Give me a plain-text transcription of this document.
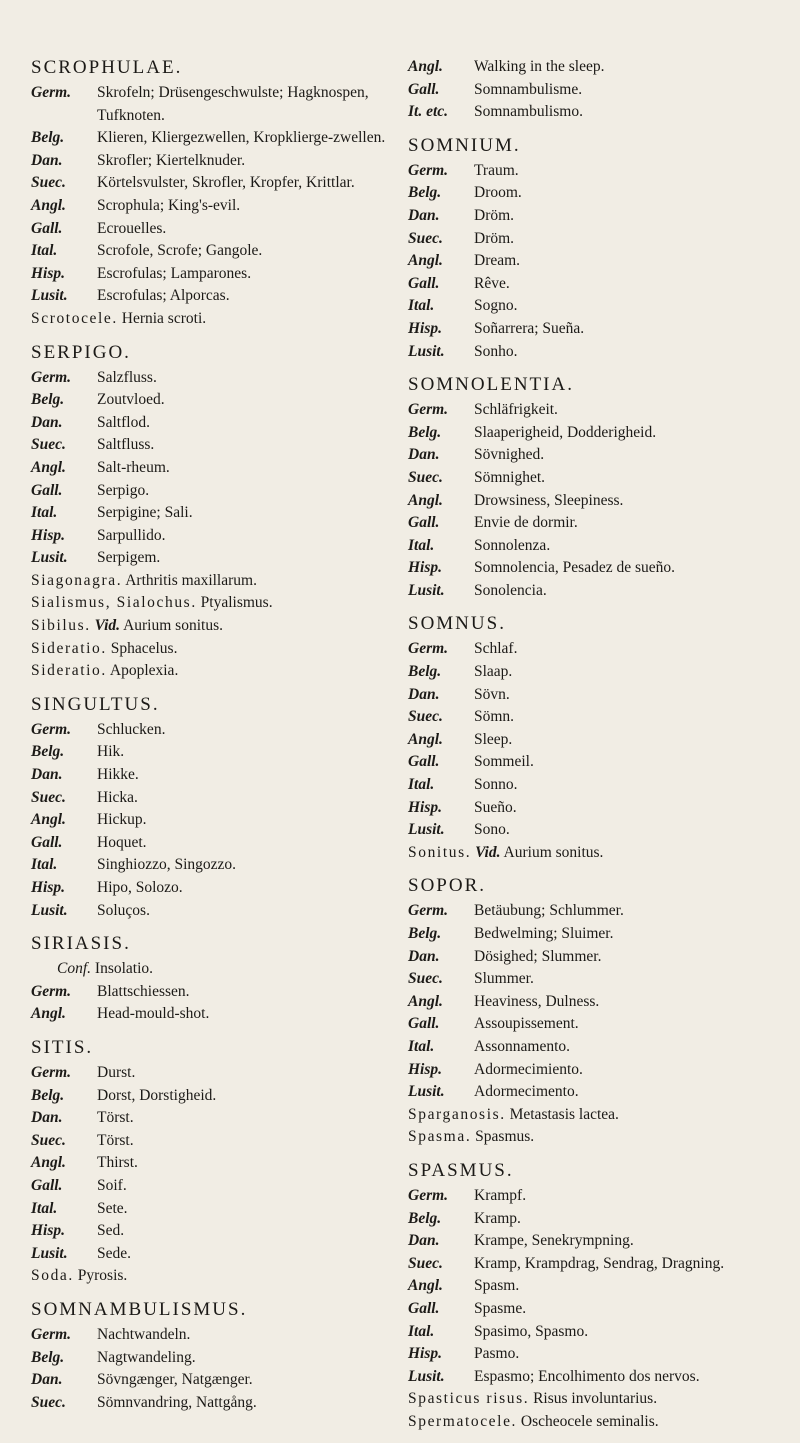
SCROPHULAE.
Germ.	Skrofeln; Drüsengeschwulste; Hagknospen, Tufknoten.
Belg.	Klieren, Kliergezwellen, Kropklierge-zwellen.
Dan.	Skrofler; Kiertelknuder.
Suec.	Körtelsvulster, Skrofler, Kropfer, Krittlar.
Angl.	Scrophula; King's-evil.
Gall.	Ecrouelles.
Ital.	Scrofole, Scrofe; Gangole.
Hisp.	Escrofulas; Lamparones.
Lusit.	Escrofulas; Alporcas.
Scrotocele. Hernia scroti.
SERPIGO.
Germ.	Salzfluss.
Belg.	Zoutvloed.
Dan.	Saltflod.
Suec.	Saltfluss.
Angl.	Salt-rheum.
Gall.	Serpigo.
Ital.	Serpigine; Sali.
Hisp.	Sarpullido.
Lusit.	Serpigem.
Siagonagra. Arthritis maxillarum.
Sialismus, Sialochus. Ptyalismus.
Sibilus. Vid. Aurium sonitus.
Sideratio. Sphacelus.
Sideratio. Apoplexia.
SINGULTUS.
Germ.	Schlucken.
Belg.	Hik.
Dan.	Hikke.
Suec.	Hicka.
Angl.	Hickup.
Gall.	Hoquet.
Ital.	Singhiozzo, Singozzo.
Hisp.	Hipo, Solozo.
Lusit.	Soluços.
SIRIASIS.
Conf. Insolatio.
Germ.	Blattschiessen.
Angl.	Head-mould-shot.
SITIS.
Germ.	Durst.
Belg.	Dorst, Dorstigheid.
Dan.	Törst.
Suec.	Törst.
Angl.	Thirst.
Gall.	Soif.
Ital.	Sete.
Hisp.	Sed.
Lusit.	Sede.
Soda. Pyrosis.
SOMNAMBULISMUS.
Germ.	Nachtwandeln.
Belg.	Nagtwandeling.
Dan.	Sövngænger, Natgænger.
Suec.	Sömnvandring, Nattgång.
Angl.	Walking in the sleep.
Gall.	Somnambulisme.
It. etc.	Somnambulismo.
SOMNIUM.
Germ.	Traum.
Belg.	Droom.
Dan.	Dröm.
Suec.	Dröm.
Angl.	Dream.
Gall.	Rêve.
Ital.	Sogno.
Hisp.	Soñarrera; Sueña.
Lusit.	Sonho.
SOMNOLENTIA.
Germ.	Schläfrigkeit.
Belg.	Slaaperigheid, Dodderigheid.
Dan.	Sövnighed.
Suec.	Sömnighet.
Angl.	Drowsiness, Sleepiness.
Gall.	Envie de dormir.
Ital.	Sonnolenza.
Hisp.	Somnolencia, Pesadez de sueño.
Lusit.	Sonolencia.
SOMNUS.
Germ.	Schlaf.
Belg.	Slaap.
Dan.	Sövn.
Suec.	Sömn.
Angl.	Sleep.
Gall.	Sommeil.
Ital.	Sonno.
Hisp.	Sueño.
Lusit.	Sono.
Sonitus. Vid. Aurium sonitus.
SOPOR.
Germ.	Betäubung; Schlummer.
Belg.	Bedwelming; Sluimer.
Dan.	Dösighed; Slummer.
Suec.	Slummer.
Angl.	Heaviness, Dulness.
Gall.	Assoupissement.
Ital.	Assonnamento.
Hisp.	Adormecimiento.
Lusit.	Adormecimento.
Sparganosis. Metastasis lactea.
Spasma. Spasmus.
SPASMUS.
Germ.	Krampf.
Belg.	Kramp.
Dan.	Krampe, Senekrympning.
Suec.	Kramp, Krampdrag, Sendrag, Dragning.
Angl.	Spasm.
Gall.	Spasme.
Ital.	Spasimo, Spasmo.
Hisp.	Pasmo.
Lusit.	Espasmo; Encolhimento dos nervos.
Spasticus risus. Risus involuntarius.
Spermatocele. Oscheocele seminalis.
